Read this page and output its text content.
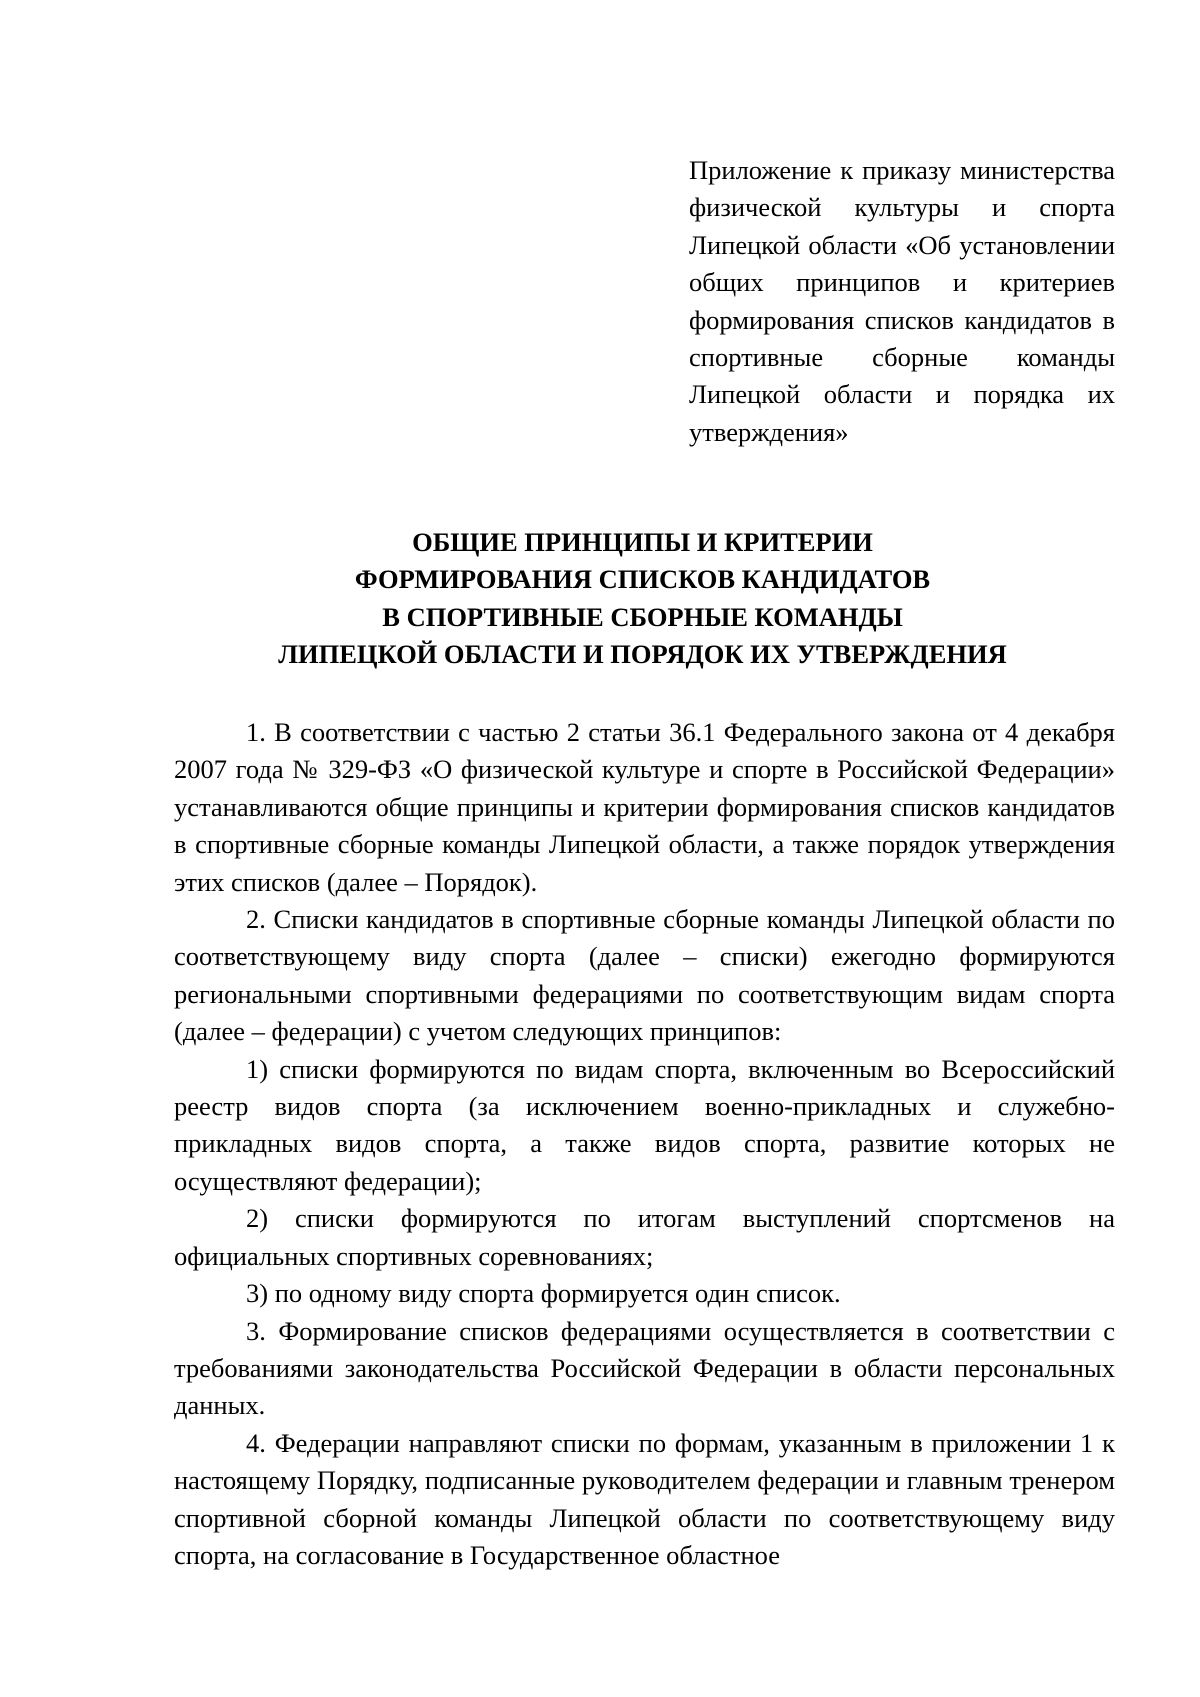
Приложение к приказу министерства физической культуры и спорта Липецкой области «Об установлении общих принципов и критериев формирования списков кандидатов в спортивные сборные команды Липецкой области и порядка их утверждения»

ОБЩИЕ ПРИНЦИПЫ И КРИТЕРИИ
ФОРМИРОВАНИЯ СПИСКОВ КАНДИДАТОВ
В СПОРТИВНЫЕ СБОРНЫЕ КОМАНДЫ
ЛИПЕЦКОЙ ОБЛАСТИ И ПОРЯДОК ИХ УТВЕРЖДЕНИЯ

1. В соответствии с частью 2 статьи 36.1 Федерального закона от 4 декабря 2007 года № 329-ФЗ «О физической культуре и спорте в Российской Федерации» устанавливаются общие принципы и критерии формирования списков кандидатов в спортивные сборные команды Липецкой области, а также порядок утверждения этих списков (далее – Порядок).

2. Списки кандидатов в спортивные сборные команды Липецкой области по соответствующему виду спорта (далее – списки) ежегодно формируются региональными спортивными федерациями по соответствующим видам спорта (далее – федерации) с учетом следующих принципов:

1) списки формируются по видам спорта, включенным во Всероссийский реестр видов спорта (за исключением военно-прикладных и служебно-прикладных видов спорта, а также видов спорта, развитие которых не осуществляют федерации);

2) списки формируются по итогам выступлений спортсменов на официальных спортивных соревнованиях;

3) по одному виду спорта формируется один список.

3. Формирование списков федерациями осуществляется в соответствии с требованиями законодательства Российской Федерации в области персональных данных.

4. Федерации направляют списки по формам, указанным в приложении 1 к настоящему Порядку, подписанные руководителем федерации и главным тренером спортивной сборной команды Липецкой области по соответствующему виду спорта, на согласование в Государственное областное
